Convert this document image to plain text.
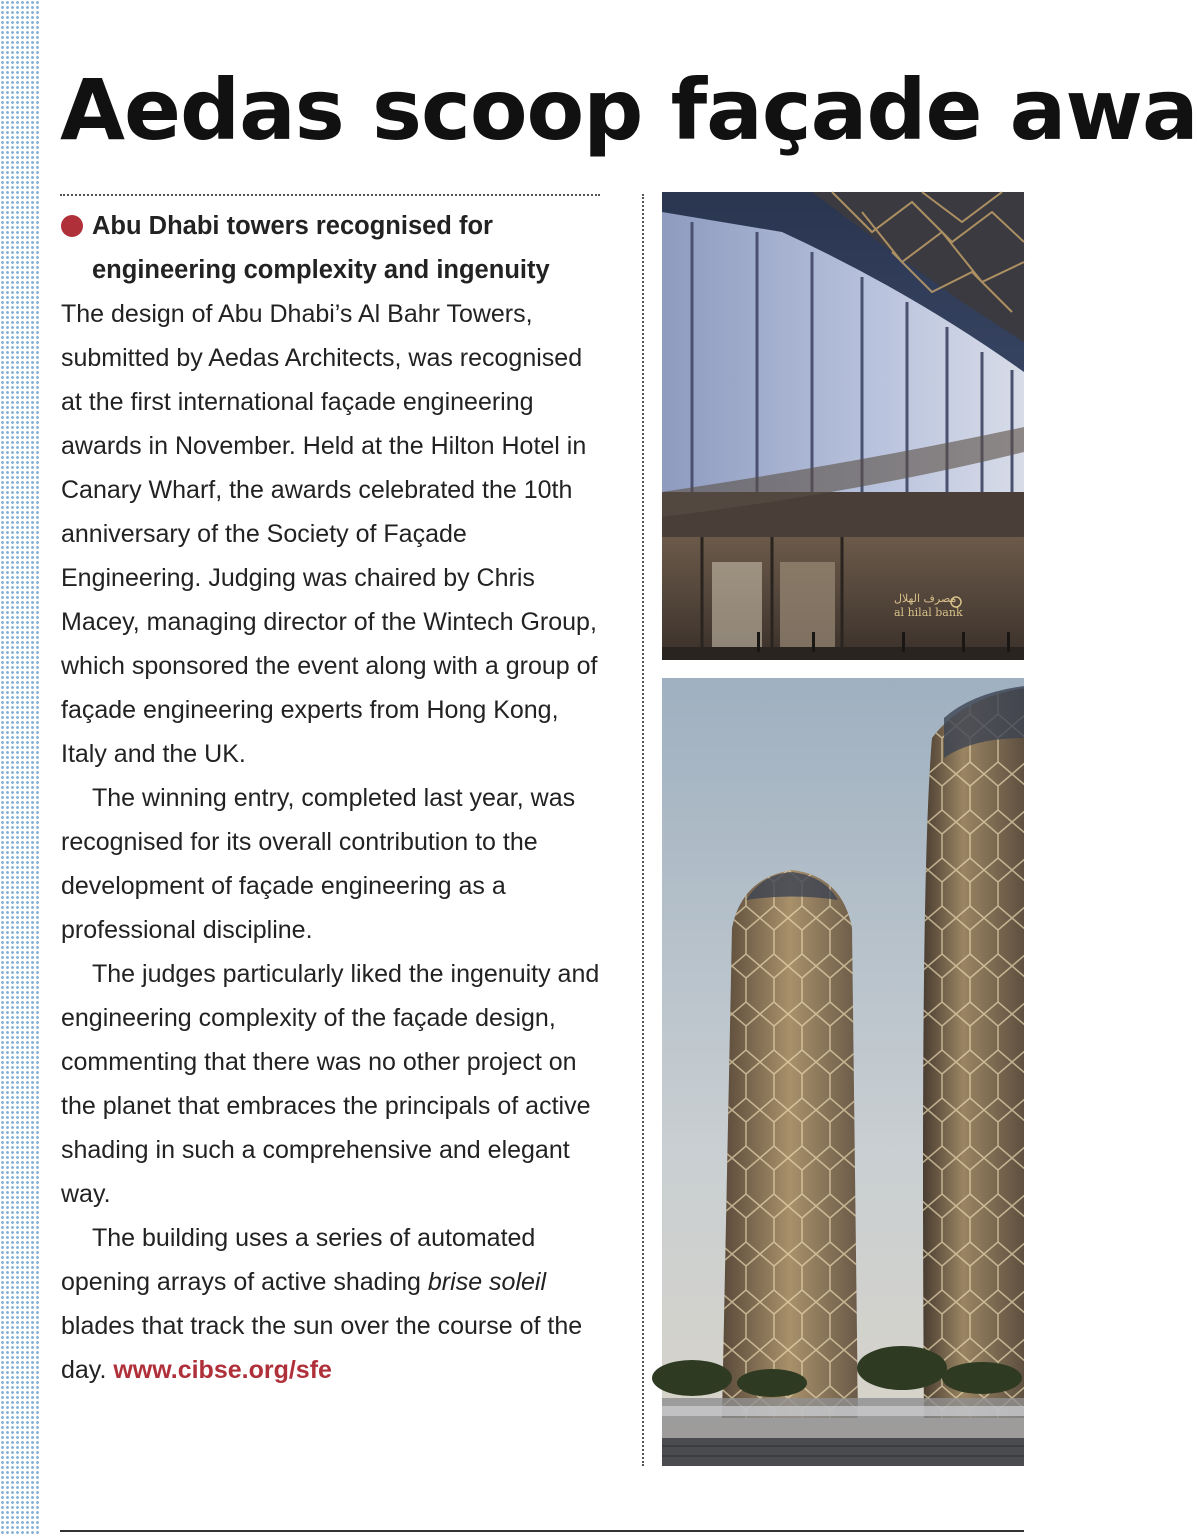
Aedas scoop façade awa
Abu Dhabi towers recognised for
engineering complexity and ingenuity

The design of Abu Dhabi’s Al Bahr Towers, submitted by Aedas Architects, was recognised at the first international façade engineering awards in November. Held at the Hilton Hotel in Canary Wharf, the awards celebrated the 10th anniversary of the Society of Façade Engineering. Judging was chaired by Chris Macey, managing director of the Wintech Group, which sponsored the event along with a group of façade engineering experts from Hong Kong, Italy and the UK.

The winning entry, completed last year, was recognised for its overall contribution to the development of façade engineering as a professional discipline.

The judges particularly liked the ingenuity and engineering complexity of the façade design, commenting that there was no other project on the planet that embraces the principals of active shading in such a comprehensive and elegant way.

The building uses a series of automated opening arrays of active shading brise soleil blades that track the sun over the course of the day. www.cibse.org/sfe

مصرف الهلال
al hilal bank
